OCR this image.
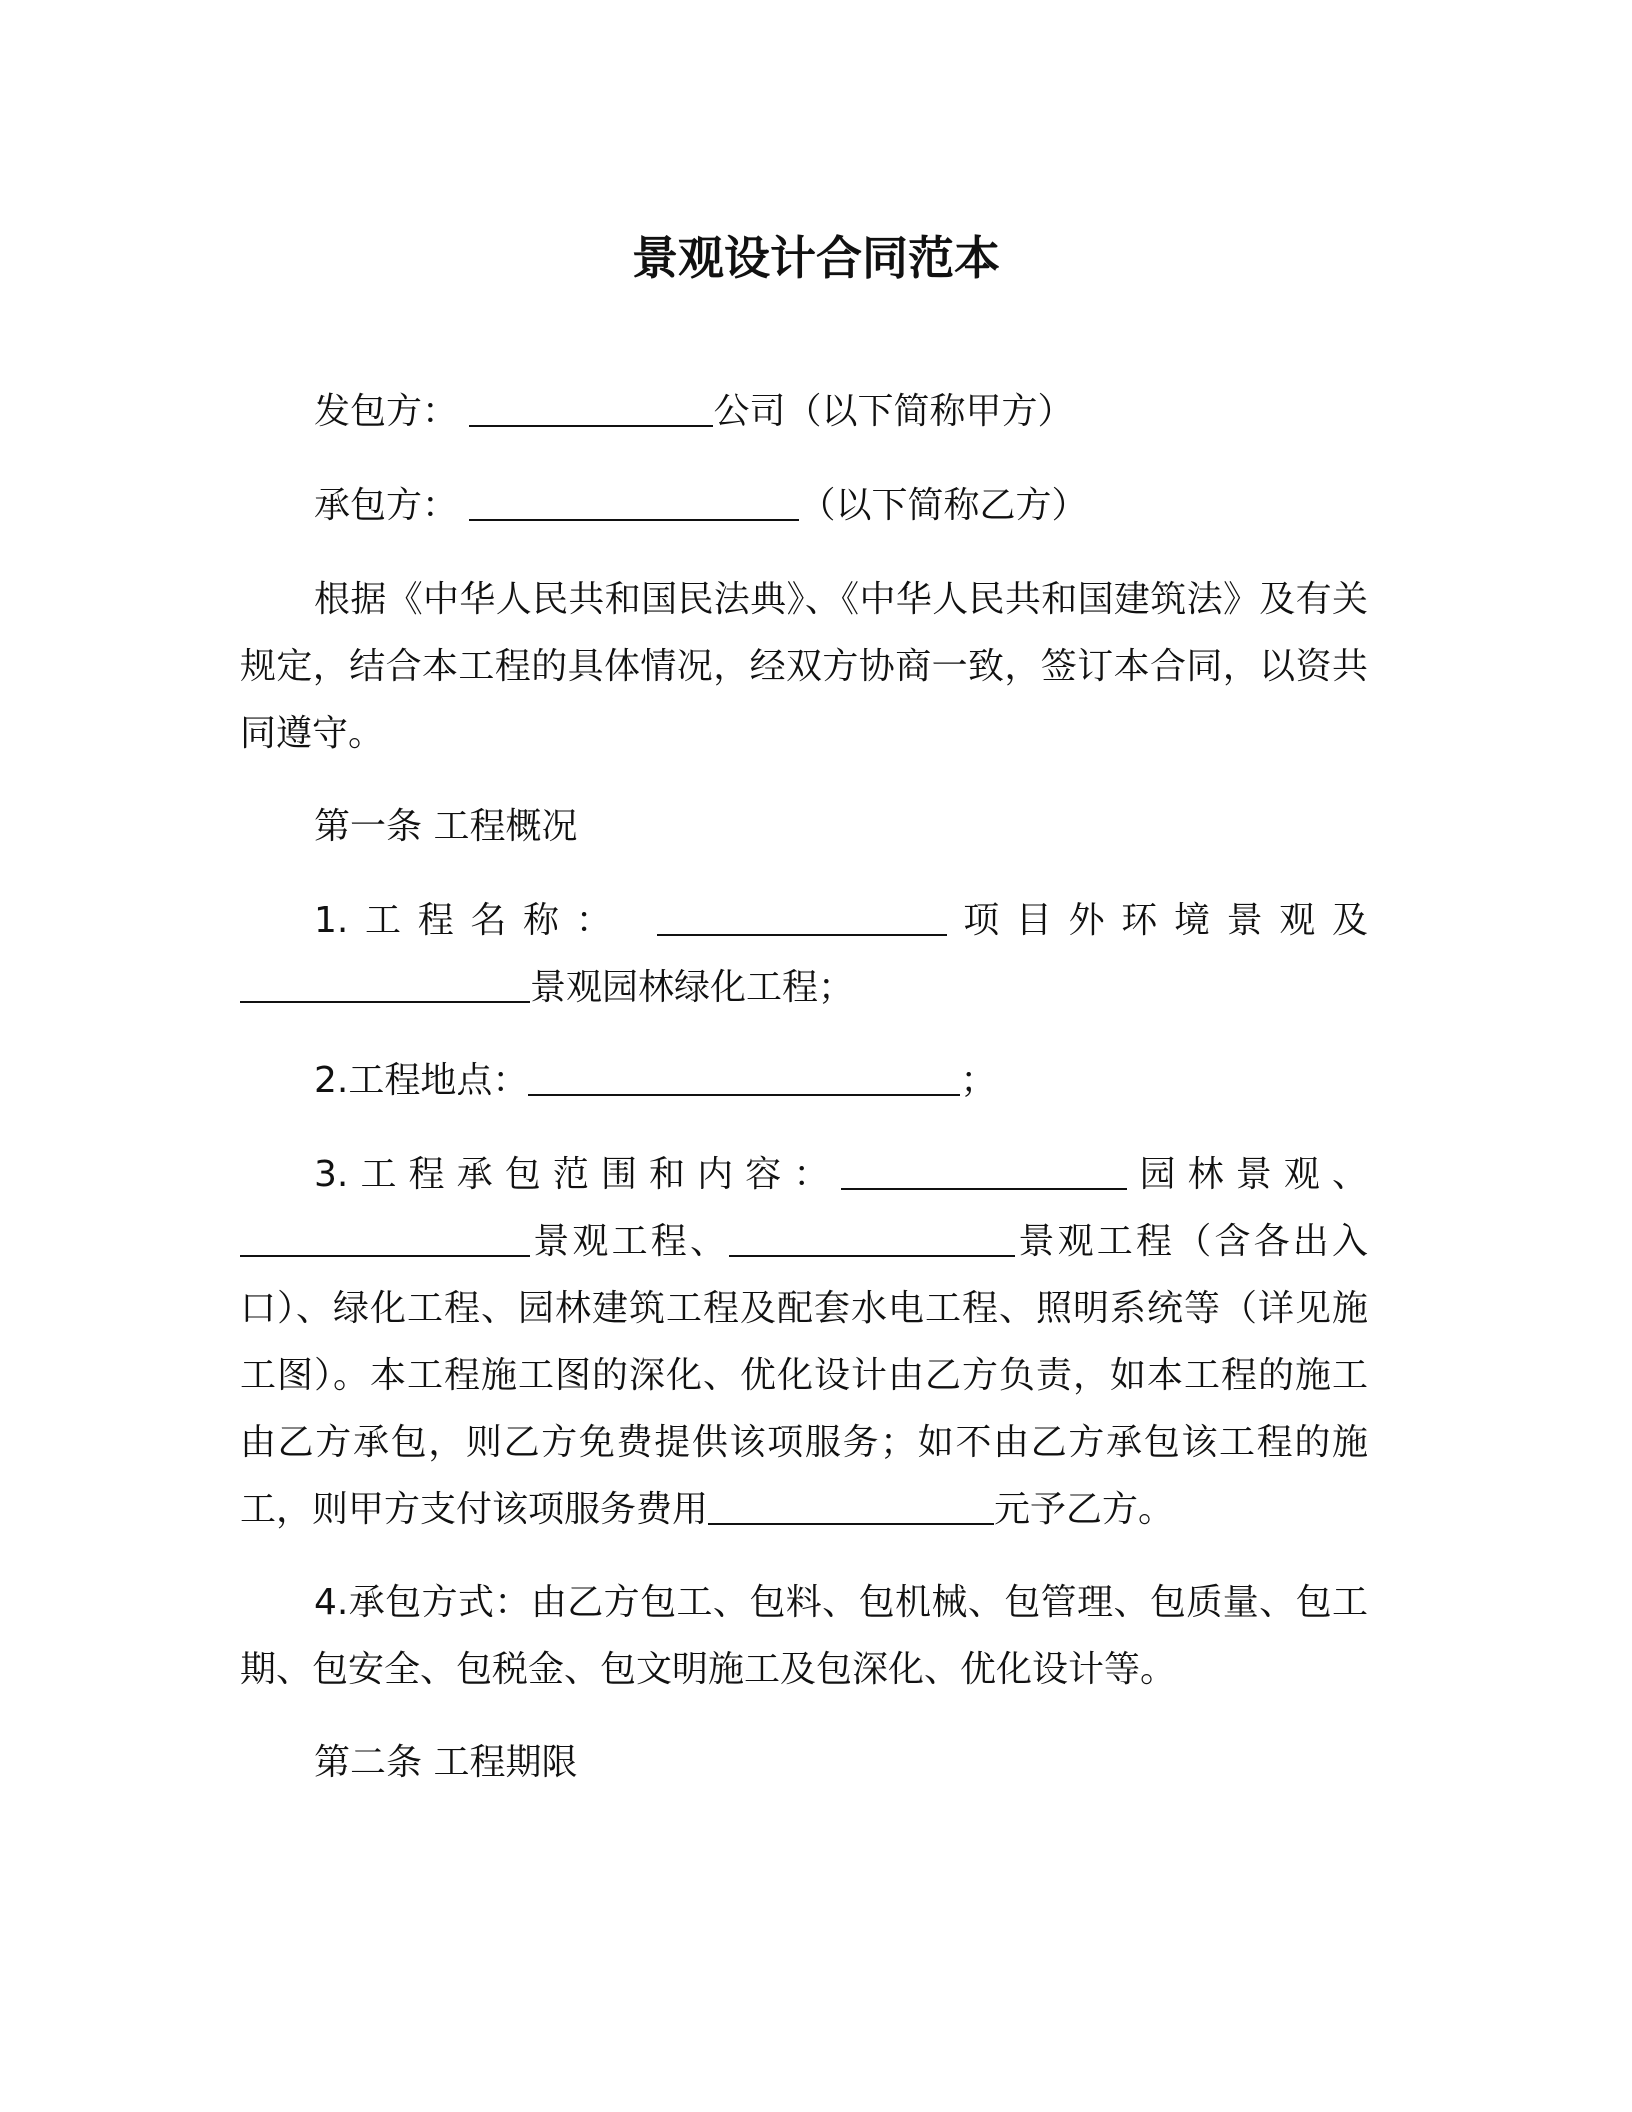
景观设计合同范本

发包方：	公司（以下简称甲方）

承包方：	（以下简称乙方）

根据《中华人民共和国民法典》、《中华人民共和国建筑法》及有关规定，结合本工程的具体情况，经双方协商一致，签订本合同，以资共同遵守。

第一条 工程概况

1.工程名称：	项目外环境景观及 景观园林绿化工程；

2.工程地点：	；

3.工程承包范围和内容：	园林景观、景观工程、	景观工程（含各出入口）、绿化工程、园林建筑工程及配套水电工程、照明系统等（详见施工图）。本工程施工图的深化、优化设计由乙方负责，如本工程的施工由乙方承包，则乙方免费提供该项服务；如不由乙方承包该工程的施工，则甲方支付该项服务费用	元予乙方。

4.承包方式：由乙方包工、包料、包机械、包管理、包质量、包工期、包安全、包税金、包文明施工及包深化、优化设计等。

第二条 工程期限
